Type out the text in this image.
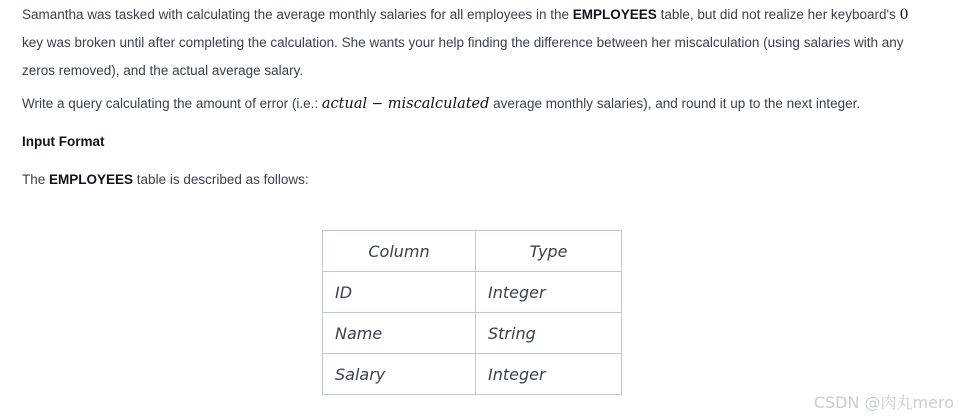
Samantha was tasked with calculating the average monthly salaries for all employees in the EMPLOYEES table, but did not realize her keyboard's 0 key was broken until after completing the calculation. She wants your help finding the difference between her miscalculation (using salaries with any zeros removed), and the actual average salary.

Write a query calculating the amount of error (i.e.: actual − miscalculated average monthly salaries), and round it up to the next integer.

Input Format

The EMPLOYEES table is described as follows:

Column	Type
ID	Integer
Name	String
Salary	Integer
CSDN @肉丸mero
